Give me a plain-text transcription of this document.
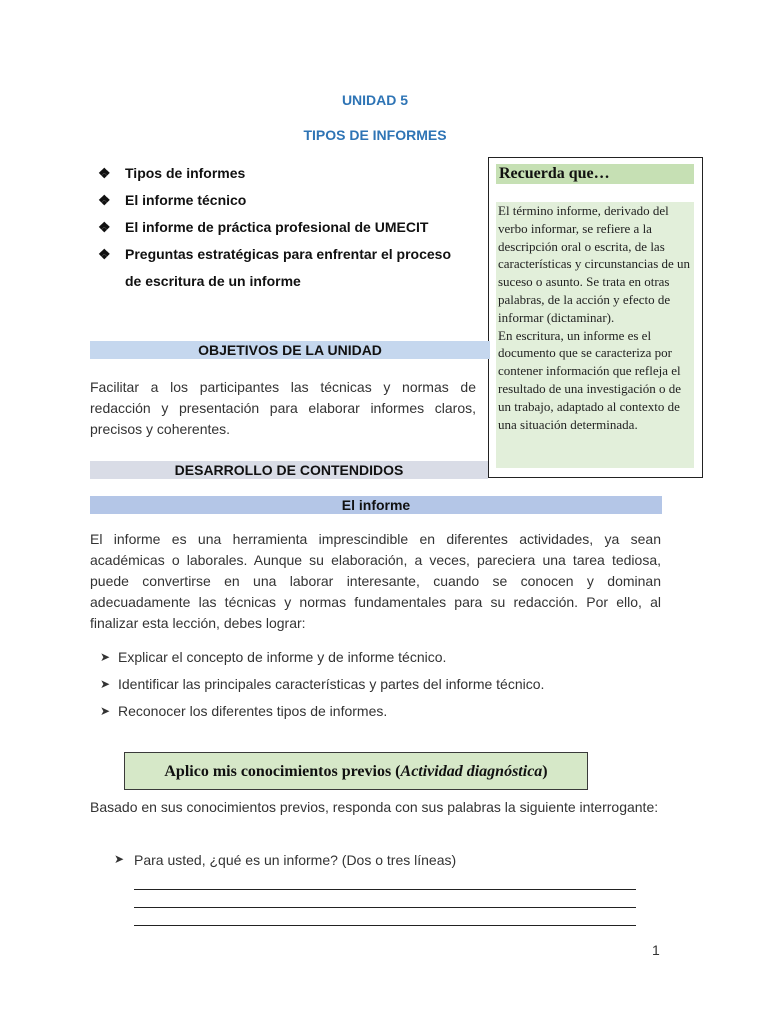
UNIDAD 5
TIPOS DE INFORMES
❖ Tipos de informes
❖ El informe técnico
❖ El informe de práctica profesional de UMECIT
❖ Preguntas estratégicas para enfrentar el proceso
de escritura de un informe
Recuerda que…

El término informe, derivado del verbo informar, se refiere a la descripción oral o escrita, de las características y circunstancias de un suceso o asunto. Se trata en otras palabras, de la acción y efecto de informar (dictaminar).

En escritura, un informe es el documento que se caracteriza por contener información que refleja el resultado de una investigación o de un trabajo, adaptado al contexto de una situación determinada.

OBJETIVOS DE LA UNIDAD
Facilitar a los participantes las técnicas y normas de redacción y presentación para elaborar informes claros, precisos y coherentes.
DESARROLLO DE CONTENDIDOS
El informe
El informe es una herramienta imprescindible en diferentes actividades, ya sean académicas o laborales. Aunque su elaboración, a veces, pareciera una tarea tediosa, puede convertirse en una laborar interesante, cuando se conocen y dominan adecuadamente las técnicas y normas fundamentales para su redacción. Por ello, al finalizar esta lección, debes lograr:
➤ Explicar el concepto de informe y de informe técnico.
➤ Identificar las principales características y partes del informe técnico.
➤ Reconocer los diferentes tipos de informes.
Aplico mis conocimientos previos (Actividad diagnóstica)
Basado en sus conocimientos previos, responda con sus palabras la siguiente interrogante:
➤ Para usted, ¿qué es un informe? (Dos o tres líneas)
1
